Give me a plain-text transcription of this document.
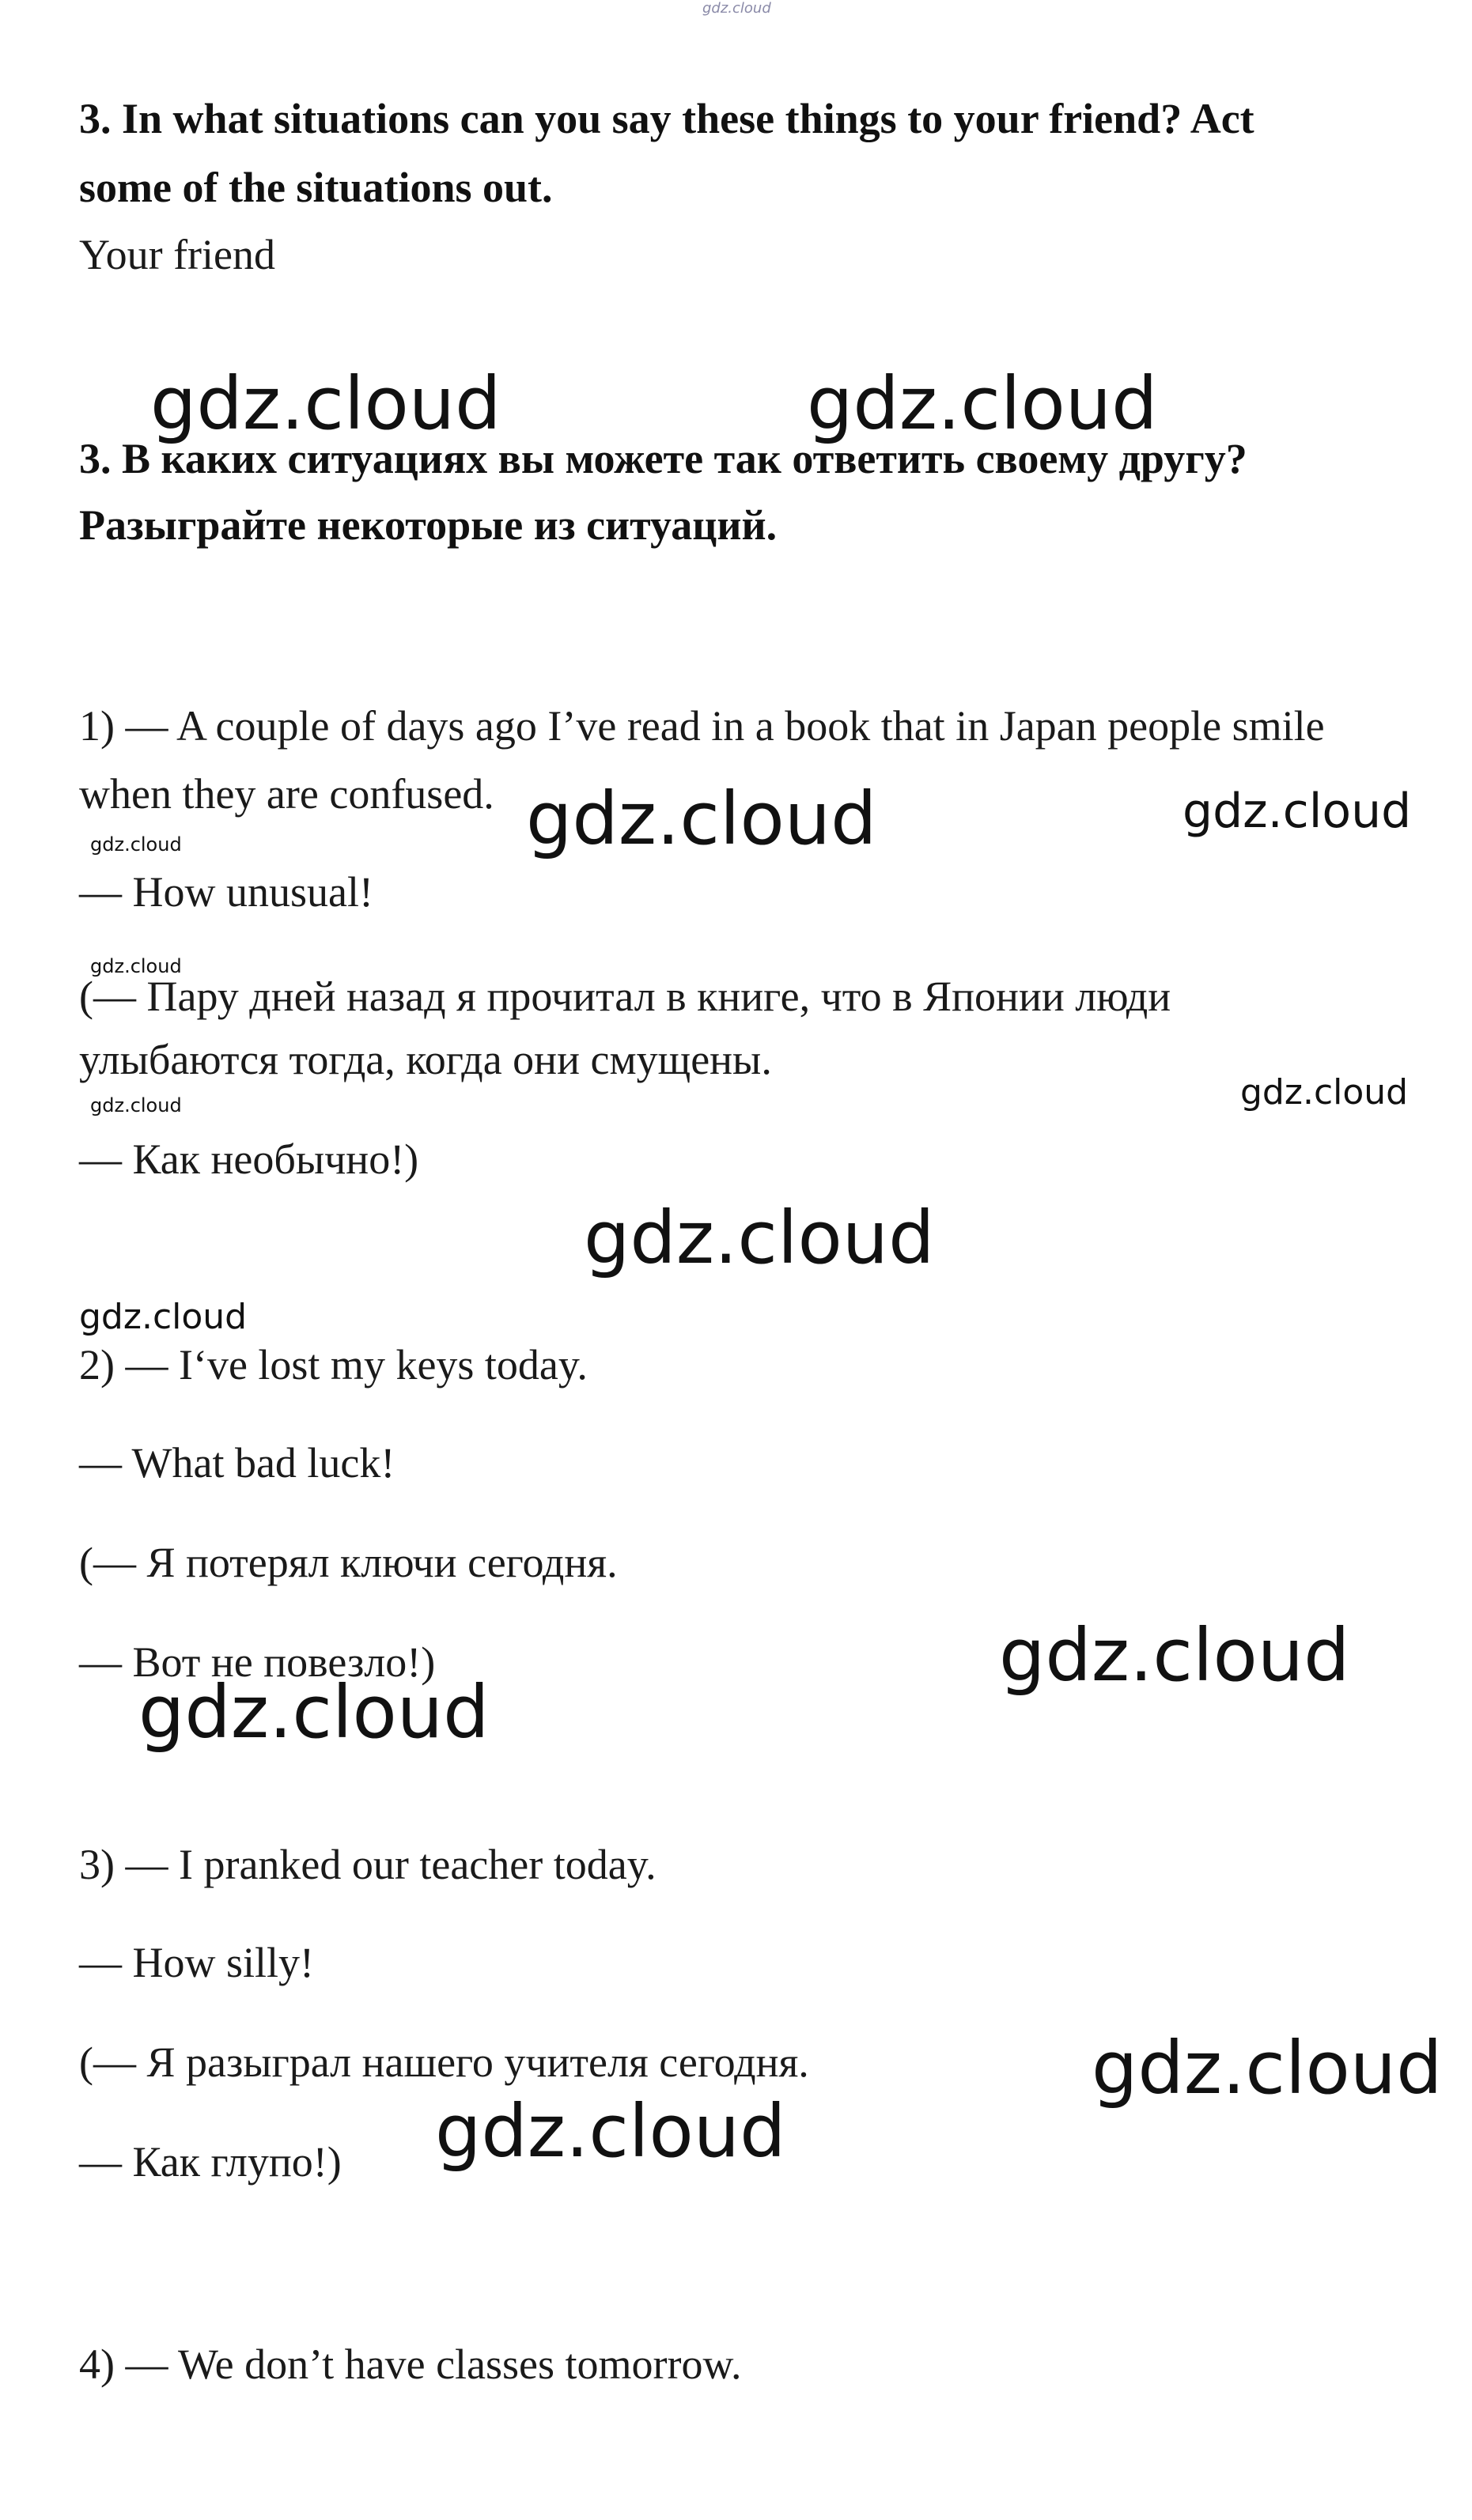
gdz.cloud
3. In what situations can you say these things to your friend? Act
some of the situations out.
Your friend
3. В каких ситуациях вы можете так ответить своему другу?
Разыграйте некоторые из ситуаций.
1) — A couple of days ago I’ve read in a book that in Japan people smile
when they are confused.
— How unusual!
(— Пару дней назад я прочитал в книге, что в Японии люди
улыбаются тогда, когда они смущены.
— Как необычно!)
2) — I‘ve lost my keys today.
— What bad luck!
(— Я потерял ключи сегодня.
— Вот не повезло!)
3) — I pranked our teacher today.
— How silly!
(— Я разыграл нашего учителя сегодня.
— Как глупо!)
4) — We don’t have classes tomorrow.
gdz.cloud	gdz.cloud
gdz.cloud	gdz.cloud
gdz.cloud
gdz.cloud
gdz.cloud
gdz.cloud
gdz.cloud
gdz.cloud
gdz.cloud
gdz.cloud
gdz.cloud
gdz.cloud
